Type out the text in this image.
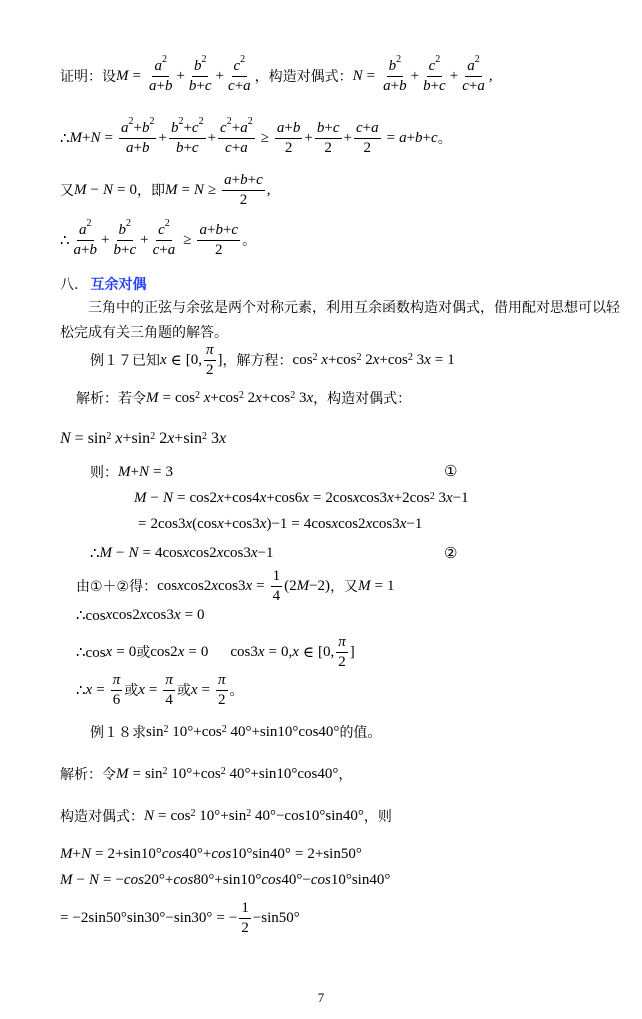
证明：设 $M = \frac{a^2}{a+b} + \frac{b^2}{b+c} + \frac{c^2}{c+a}$ ，构造对偶式： $N = \frac{b^2}{a+b} + \frac{c^2}{b+c} + \frac{a^2}{c+a}$ ,
∴ $M + N = \frac{a^2+b^2}{a+b} + \frac{b^2+c^2}{b+c} + \frac{c^2+a^2}{c+a} \ge \frac{a+b}{2} + \frac{b+c}{2} + \frac{c+a}{2} = a + b + c$ 。
又 M − N = 0 ，即 $M = N \ge \frac{a+b+c}{2}$ ,
∴ $\frac{a^2}{a+b} + \frac{b^2}{b+c} + \frac{c^2}{c+a} \ge \frac{a+b+c}{2}$ 。
八. 互余对偶
三角中的正弦与余弦是两个对称元素，利用互余函数构造对偶式，借用配对思想可以轻松完成有关三角题的解答。
例１７已知 x ∈ [0, $\frac{\pi}{2}$ ] ，解方程： $\cos^2$
$x +\cos^2$ 2 $x +\cos^2$ 3 x = 1
解析：若令 $M = \cos^2$
$x +\cos^2$ 2 $x +\cos^2$ 3 x ，构造对偶式：
$N = \sin^2$
$x +\sin^2$ 2 $x +\sin^2$ 3 x
则： M + N = 3	①
M − N = cos2 x +cos4 x +cos6 x = 2cos x cos3 $x +2\cos^2$ 3 x −1
= 2cos3 x (cos x +cos3 x )−1 = 4cos x cos2 x cos3 x −1
∴ M − N = 4cos x cos2 x cos3 x −1	②
由①＋②得： cos x cos2 x cos3 $x = \frac{1}{4} (2$ M −2) ，又 M = 1
∴cos x cos2 x cos3 x = 0
∴cos x = 0 或 cos2 x = 0 cos3x = 0, x ∈ [0, $\frac{\pi}{2}$ ]
∴ $x = \frac{\pi}{6}$ 或 $x = \frac{\pi}{4}$ 或 $x = \frac{\pi}{2}$ 。
例１８求 $\sin^2 10^\circ+\cos^2$ 40°+sin10°cos40° 的值。
解析：令 $M = \sin^2 10^\circ+\cos^2$ 40°+sin10°cos40° ，
构造对偶式： $N = \cos^2 10^\circ+\sin^2$ 40°−cos10°sin40° ，则
M + N = 2+sin10° cos 40°+ cos 10°sin40° = 2+sin50°
M − N = − cos 20°+ cos 80°+sin10° cos 40°− cos 10°sin40°
= −2sin50°sin30°−sin30° = − $\frac{1}{2} -\sin 50^\circ$
7
